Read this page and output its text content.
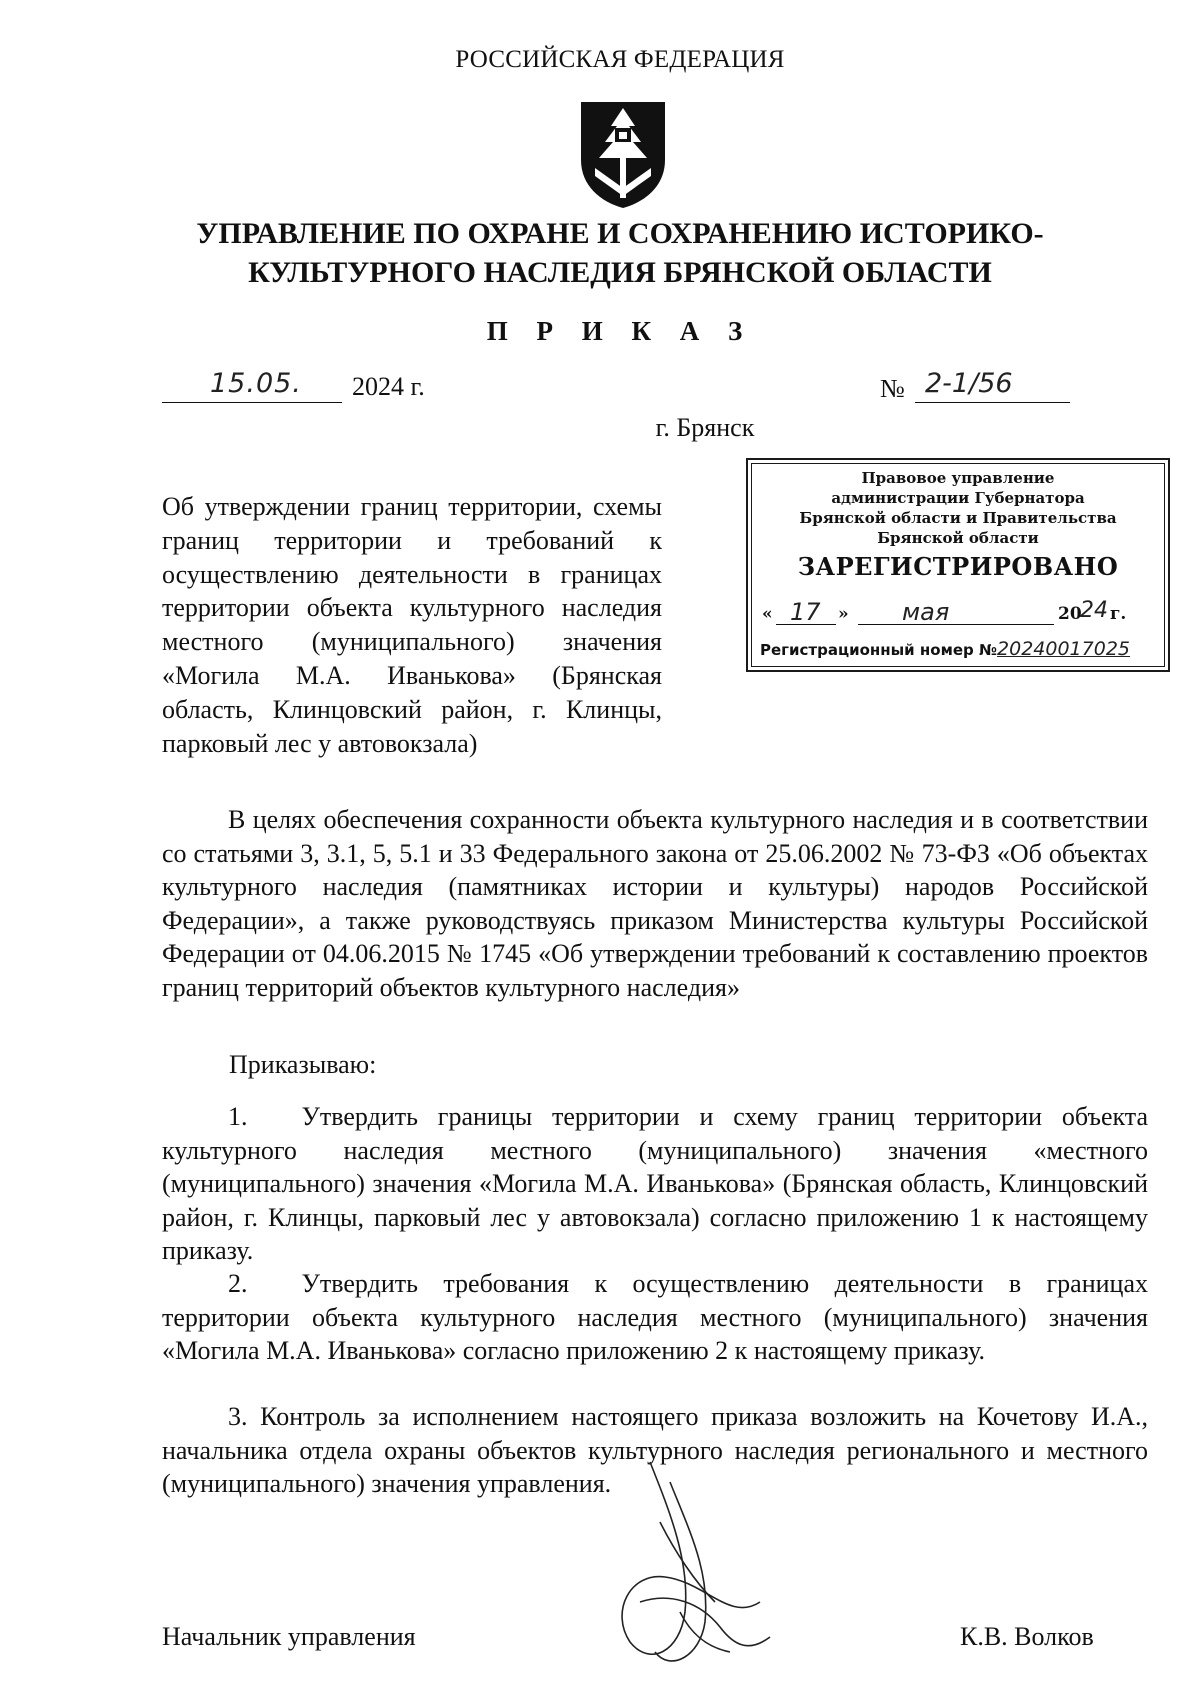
РОССИЙСКАЯ ФЕДЕРАЦИЯ
УПРАВЛЕНИЕ ПО ОХРАНЕ И СОХРАНЕНИЮ ИСТОРИКО-
КУЛЬТУРНОГО НАСЛЕДИЯ БРЯНСКОЙ ОБЛАСТИ
П Р И К А З
15.05. 2024 г.	№ 2-1/56
г. Брянск
Правовое управление
администрации Губернатора
Брянской области и Правительства
Брянской области
ЗАРЕГИСТРИРОВАНО
« 17 » мая	20
24 г.
Регистрационный номер №20240017025
Об утверждении границ территории, схемы границ территории и требований к осуществлению деятельности в границах территории объекта культурного наследия местного (муниципального) значения «Могила М.А. Иванькова» (Брянская область, Клинцовский район, г. Клинцы, парковый лес у автовокзала)
В целях обеспечения сохранности объекта культурного наследия и в соответствии со статьями 3, 3.1, 5, 5.1 и 33 Федерального закона от 25.06.2002 № 73-ФЗ «Об объектах культурного наследия (памятниках истории и культуры) народов Российской Федерации», а также руководствуясь приказом Министерства культуры Российской Федерации от 04.06.2015 № 1745 «Об утверждении требований к составлению проектов границ территорий объектов культурного наследия»
Приказываю:
1. Утвердить границы территории и схему границ территории объекта культурного наследия местного (муниципального) значения «местного (муниципального) значения «Могила М.А. Иванькова» (Брянская область, Клинцовский район, г. Клинцы, парковый лес у автовокзала) согласно приложению 1 к настоящему приказу.
2. Утвердить требования к осуществлению деятельности в границах территории объекта культурного наследия местного (муниципального) значения «Могила М.А. Иванькова» согласно приложению 2 к настоящему приказу.
3. Контроль за исполнением настоящего приказа возложить на Кочетову И.А., начальника отдела охраны объектов культурного наследия регионального и местного (муниципального) значения управления.
Начальник управления	К.В. Волков
